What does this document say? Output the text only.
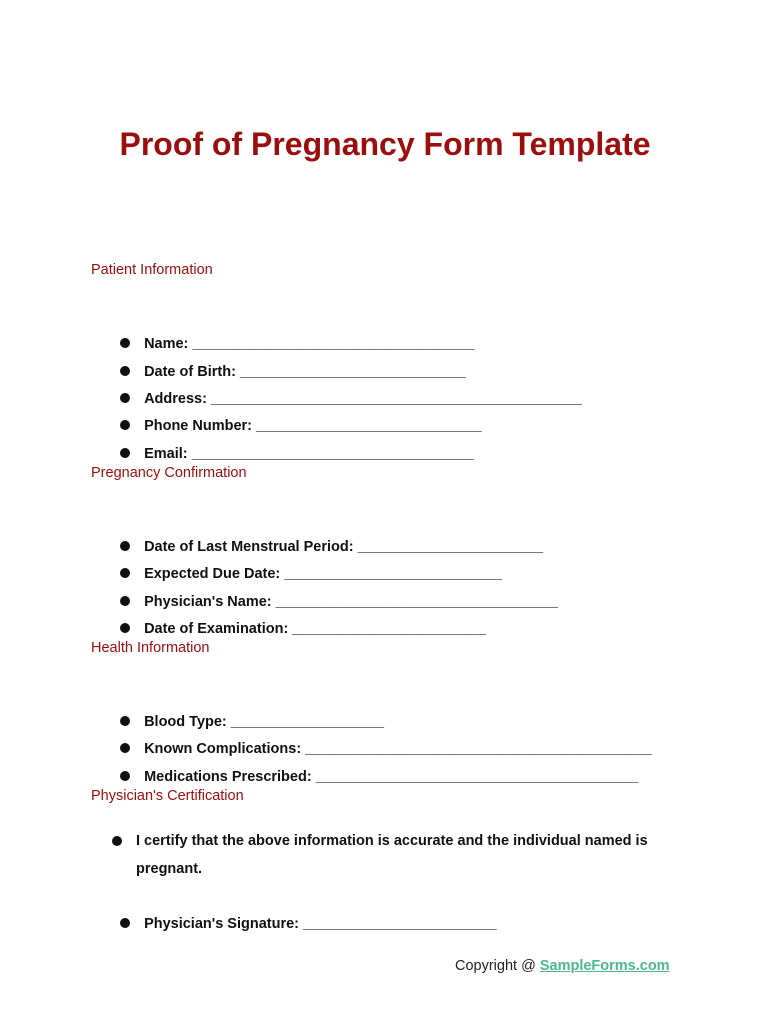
Proof of Pregnancy Form Template
Patient Information

Name: ___________________________________

Date of Birth: ____________________________

Address: ______________________________________________

Phone Number: ____________________________

Email: ___________________________________

Pregnancy Confirmation

Date of Last Menstrual Period: _______________________

Expected Due Date: ___________________________

Physician's Name: ___________________________________

Date of Examination: ________________________

Health Information

Blood Type: ___________________

Known Complications: ___________________________________________

Medications Prescribed: ________________________________________

Physician's Certification
I certify that the above information is accurate and the individual named is pregnant.

Physician's Signature: ________________________

Copyright @ SampleForms.com
